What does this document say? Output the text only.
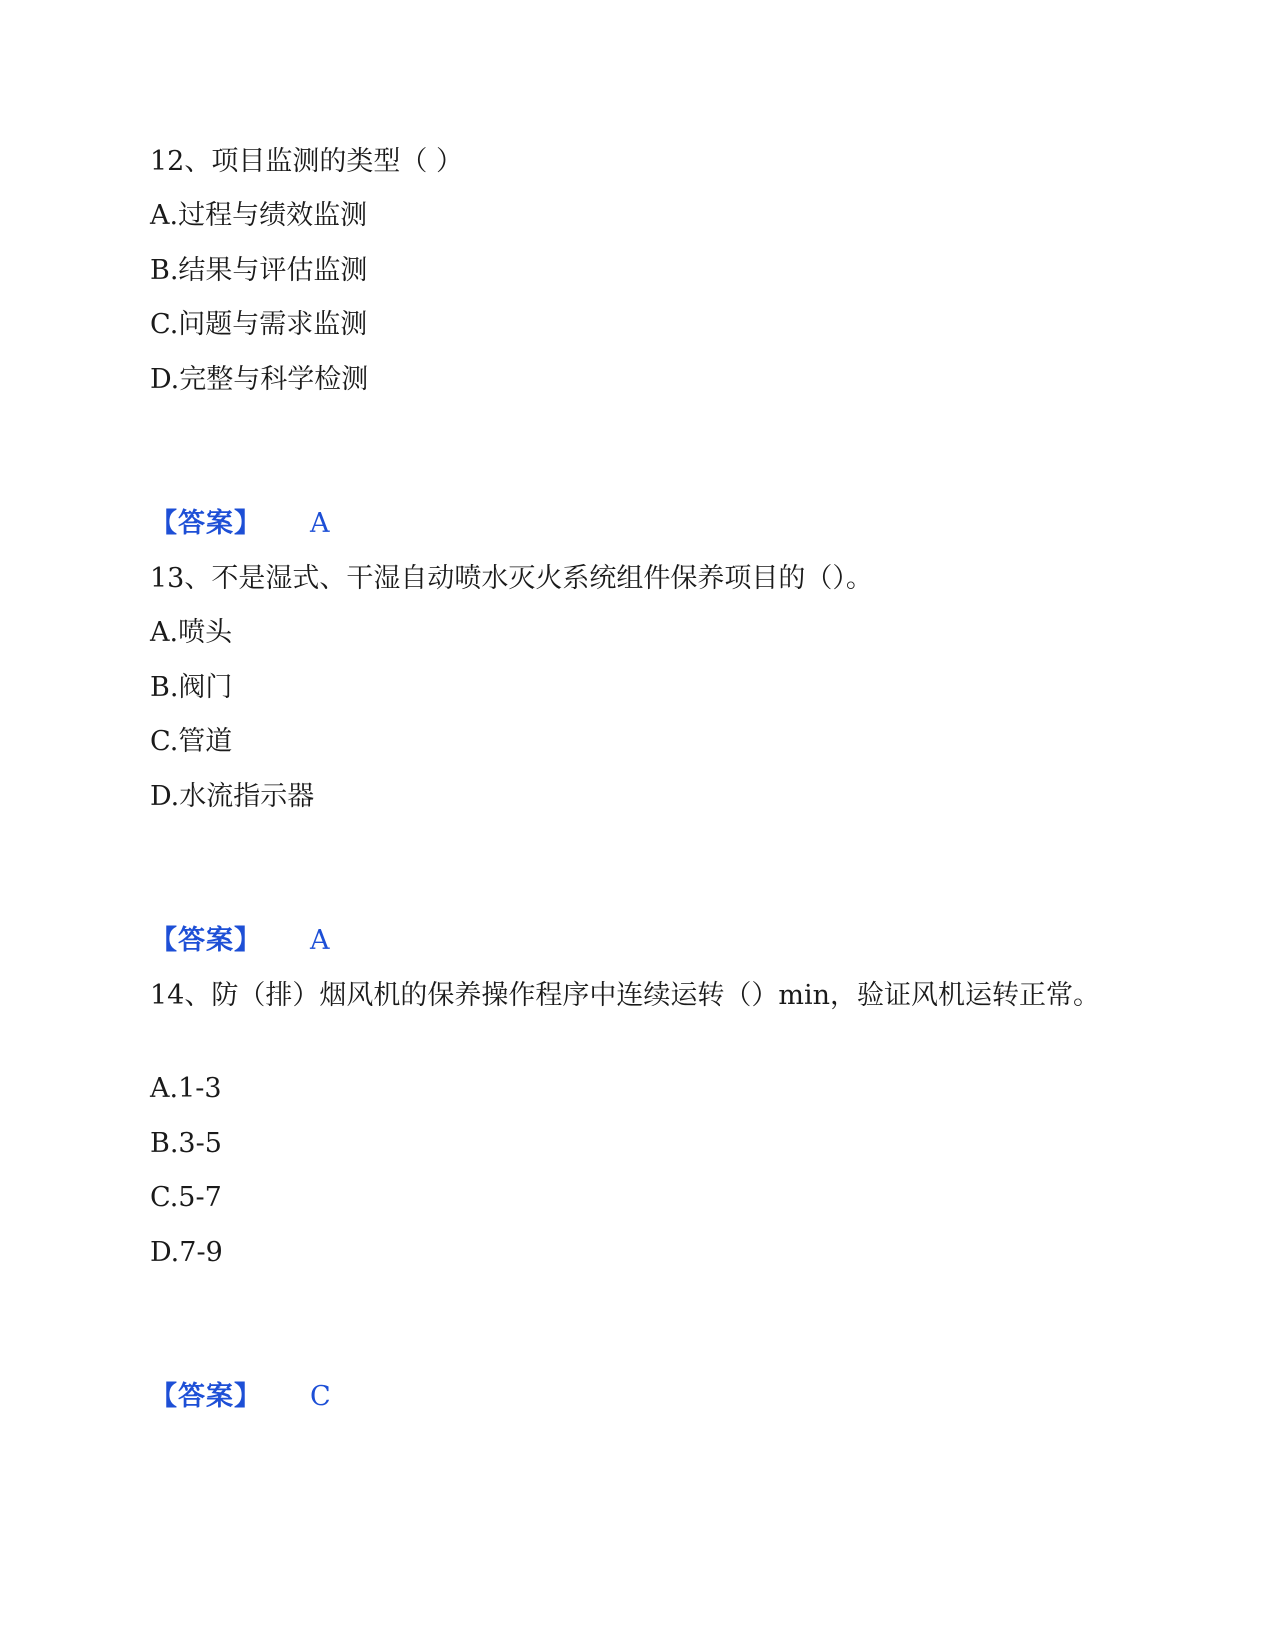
12、项目监测的类型（ ）
A.过程与绩效监测
B.结果与评估监测
C.问题与需求监测
D.完整与科学检测
【答案】 A
13、不是湿式、干湿自动喷水灭火系统组件保养项目的（）。
A.喷头
B.阀门
C.管道
D.水流指示器
【答案】 A
14、防（排）烟风机的保养操作程序中连续运转（）min，验证风机运转正常。
A.1-3
B.3-5
C.5-7
D.7-9
【答案】 C
